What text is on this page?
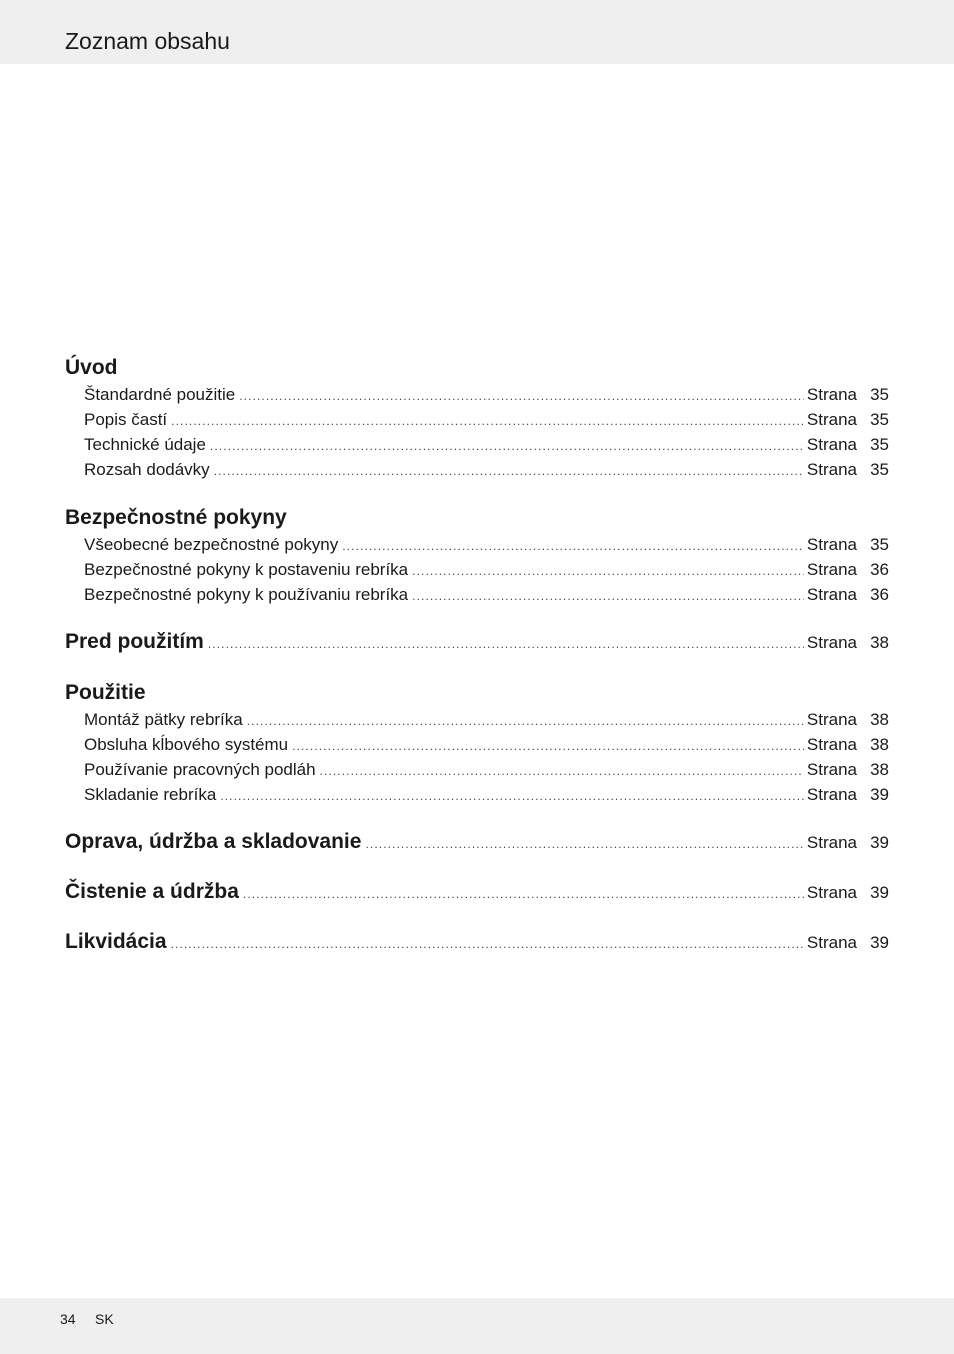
Zoznam obsahu
Úvod
Štandardné použitie .....	Strana 35
Popis častí .....	Strana 35
Technické údaje .....	Strana 35
Rozsah dodávky .....	Strana 35
Bezpečnostné pokyny
Všeobecné bezpečnostné pokyny .....	Strana 35
Bezpečnostné pokyny k postaveniu rebríka .....	Strana 36
Bezpečnostné pokyny k používaniu rebríka .....	Strana 36
Pred použitím .....	Strana 38
Použitie
Montáž pätky rebríka .....	Strana 38
Obsluha kĺbového systému .....	Strana 38
Používanie pracovných podláh .....	Strana 38
Skladanie rebríka .....	Strana 39
Oprava, údržba a skladovanie .....	Strana 39
Čistenie a údržba .....	Strana 39
Likvidácia .....	Strana 39
34 SK
